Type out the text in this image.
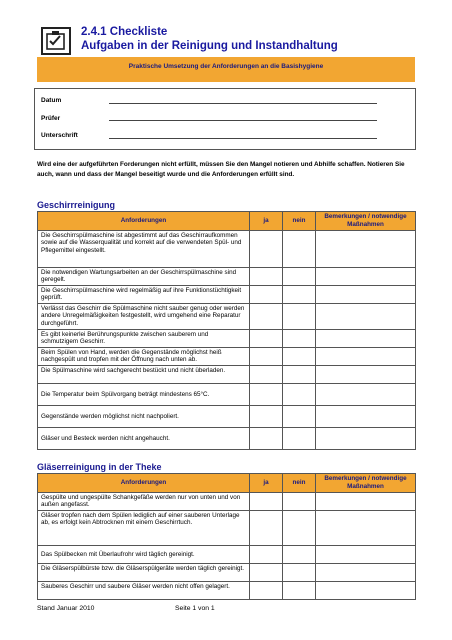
2.4.1 Checkliste
Aufgaben in der Reinigung und Instandhaltung
Praktische Umsetzung der Anforderungen an die Basishygiene
Datum
Prüfer
Unterschrift
Wird eine der aufgeführten Forderungen nicht erfüllt, müssen Sie den Mangel notieren und Abhilfe schaffen. Notieren Sie auch, wann und dass der Mangel beseitigt wurde und die Anforderungen erfüllt sind.
Geschirrreinigung
Anforderungen	ja	nein	Bemerkungen / notwendige Maßnahmen
Die Geschirrspülmaschine ist abgestimmt auf das Geschirraufkommen sowie auf die Wasserqualität und korrekt auf die verwendeten Spül- und Pflegemittel eingestellt.			
Die notwendigen Wartungsarbeiten an der Geschirrspülmaschine sind geregelt.			
Die Geschirrspülmaschine wird regelmäßig auf ihre Funktionstüchtigkeit geprüft.			
Verlässt das Geschirr die Spülmaschine nicht sauber genug oder werden andere Unregelmäßigkeiten festgestellt, wird umgehend eine Reparatur durchgeführt.			
Es gibt keinerlei Berührungspunkte zwischen sauberem und schmutzigem Geschirr.			
Beim Spülen von Hand, werden die Gegenstände möglichst heiß nachgespült und tropfen mit der Öffnung nach unten ab.			
Die Spülmaschine wird sachgerecht bestückt und nicht überladen.			
Die Temperatur beim Spülvorgang beträgt mindestens 65°C.			
Gegenstände werden möglichst nicht nachpoliert.			
Gläser und Besteck werden nicht angehaucht.			
Gläserreinigung in der Theke
Anforderungen	ja	nein	Bemerkungen / notwendige Maßnahmen
Gespülte und ungespülte Schankgefäße werden nur von unten und von außen angefasst.			
Gläser tropfen nach dem Spülen lediglich auf einer sauberen Unterlage ab, es erfolgt kein Abtrocknen mit einem Geschirrtuch.			
Das Spülbecken mit Überlaufrohr wird täglich gereinigt.			
Die Gläserspülbürste bzw. die Gläserspülgeräte werden täglich gereinigt.			
Sauberes Geschirr und saubere Gläser werden nicht offen gelagert.			
Stand Januar 2010	Seite 1 von 1
